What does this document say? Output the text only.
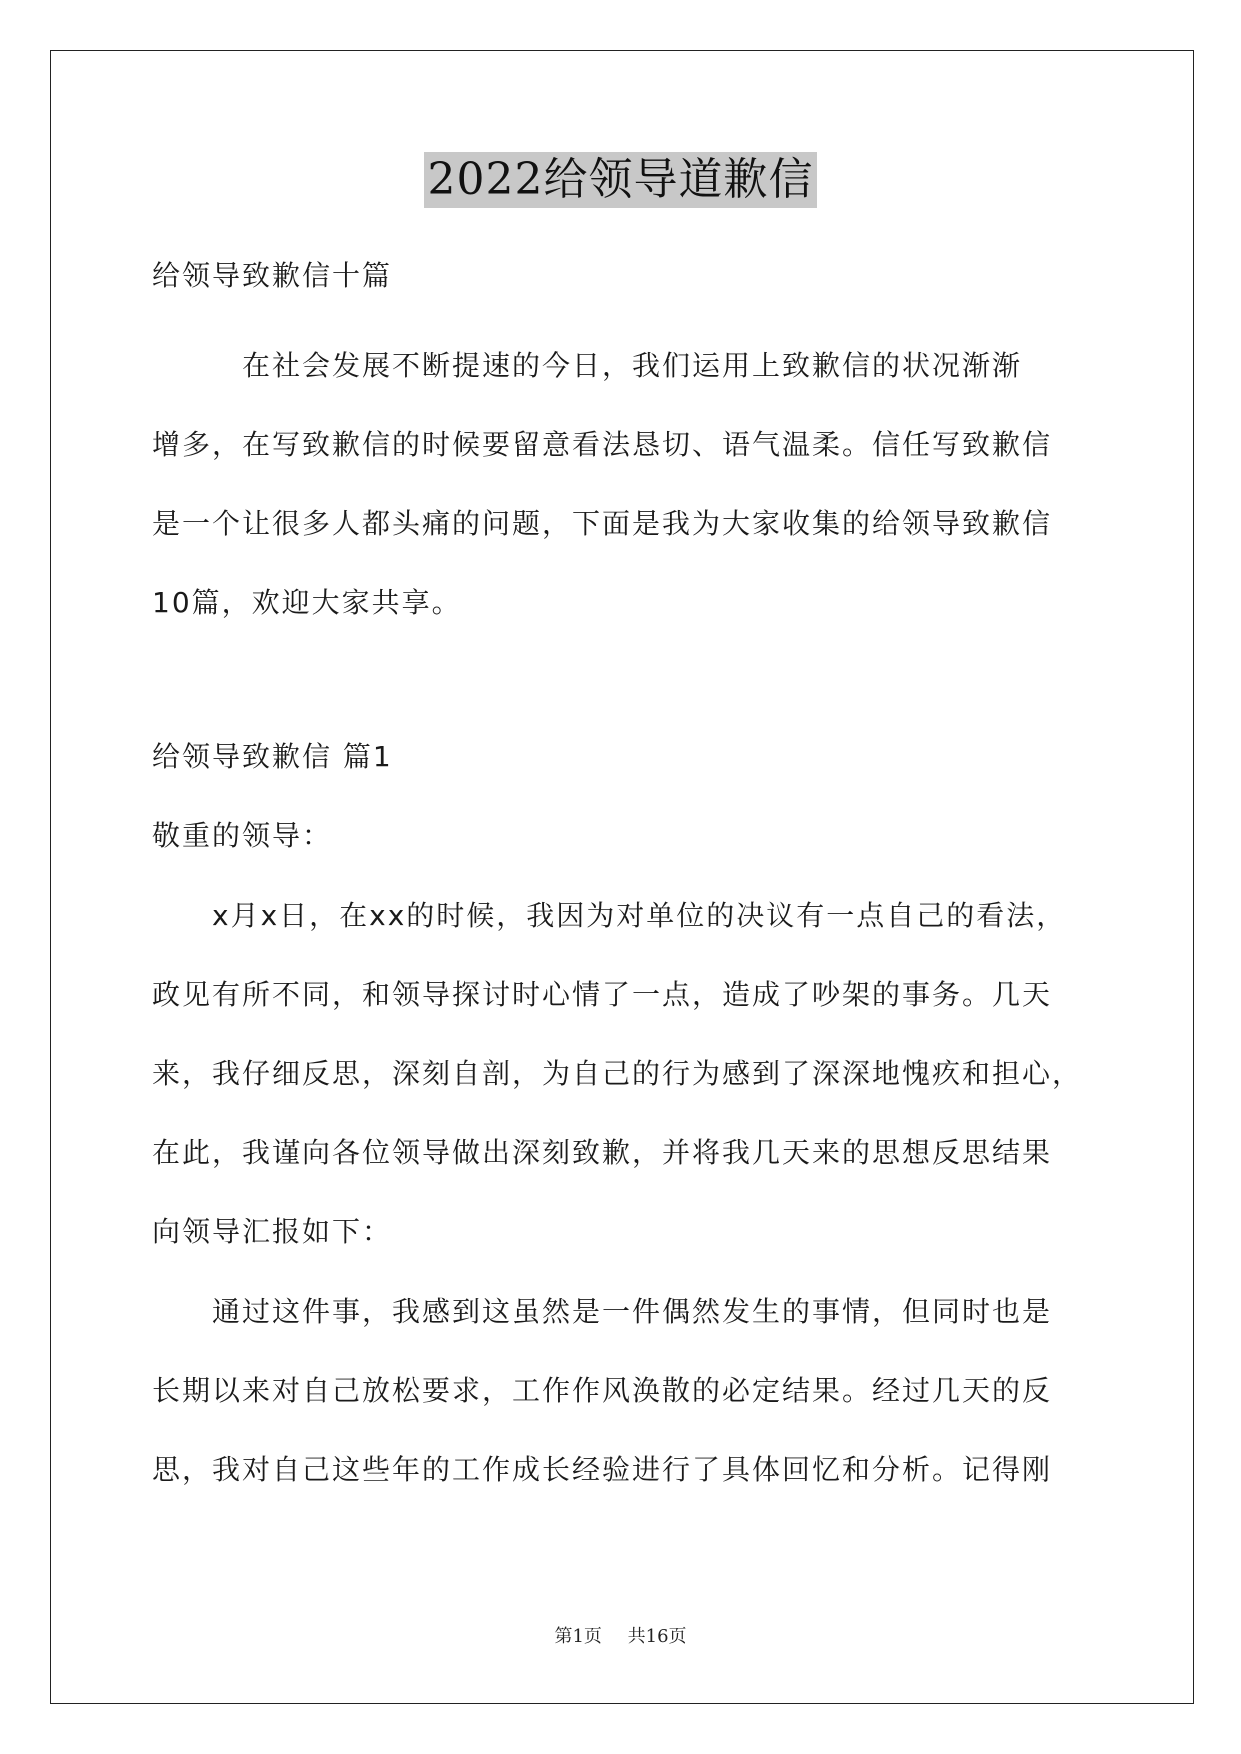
2022给领导道歉信
给领导致歉信十篇
　　　在社会发展不断提速的今日，我们运用上致歉信的状况渐渐
增多，在写致歉信的时候要留意看法恳切、语气温柔。信任写致歉信
是一个让很多人都头痛的问题，下面是我为大家收集的给领导致歉信
10篇，欢迎大家共享。
给领导致歉信 篇1
敬重的领导：
　　x月x日，在xx的时候，我因为对单位的决议有一点自己的看法，
政见有所不同，和领导探讨时心情了一点，造成了吵架的事务。几天
来，我仔细反思，深刻自剖，为自己的行为感到了深深地愧疚和担心，
在此，我谨向各位领导做出深刻致歉，并将我几天来的思想反思结果
向领导汇报如下：
　　通过这件事，我感到这虽然是一件偶然发生的事情，但同时也是
长期以来对自己放松要求，工作作风涣散的必定结果。经过几天的反
思，我对自己这些年的工作成长经验进行了具体回忆和分析。记得刚
第1页 共16页
